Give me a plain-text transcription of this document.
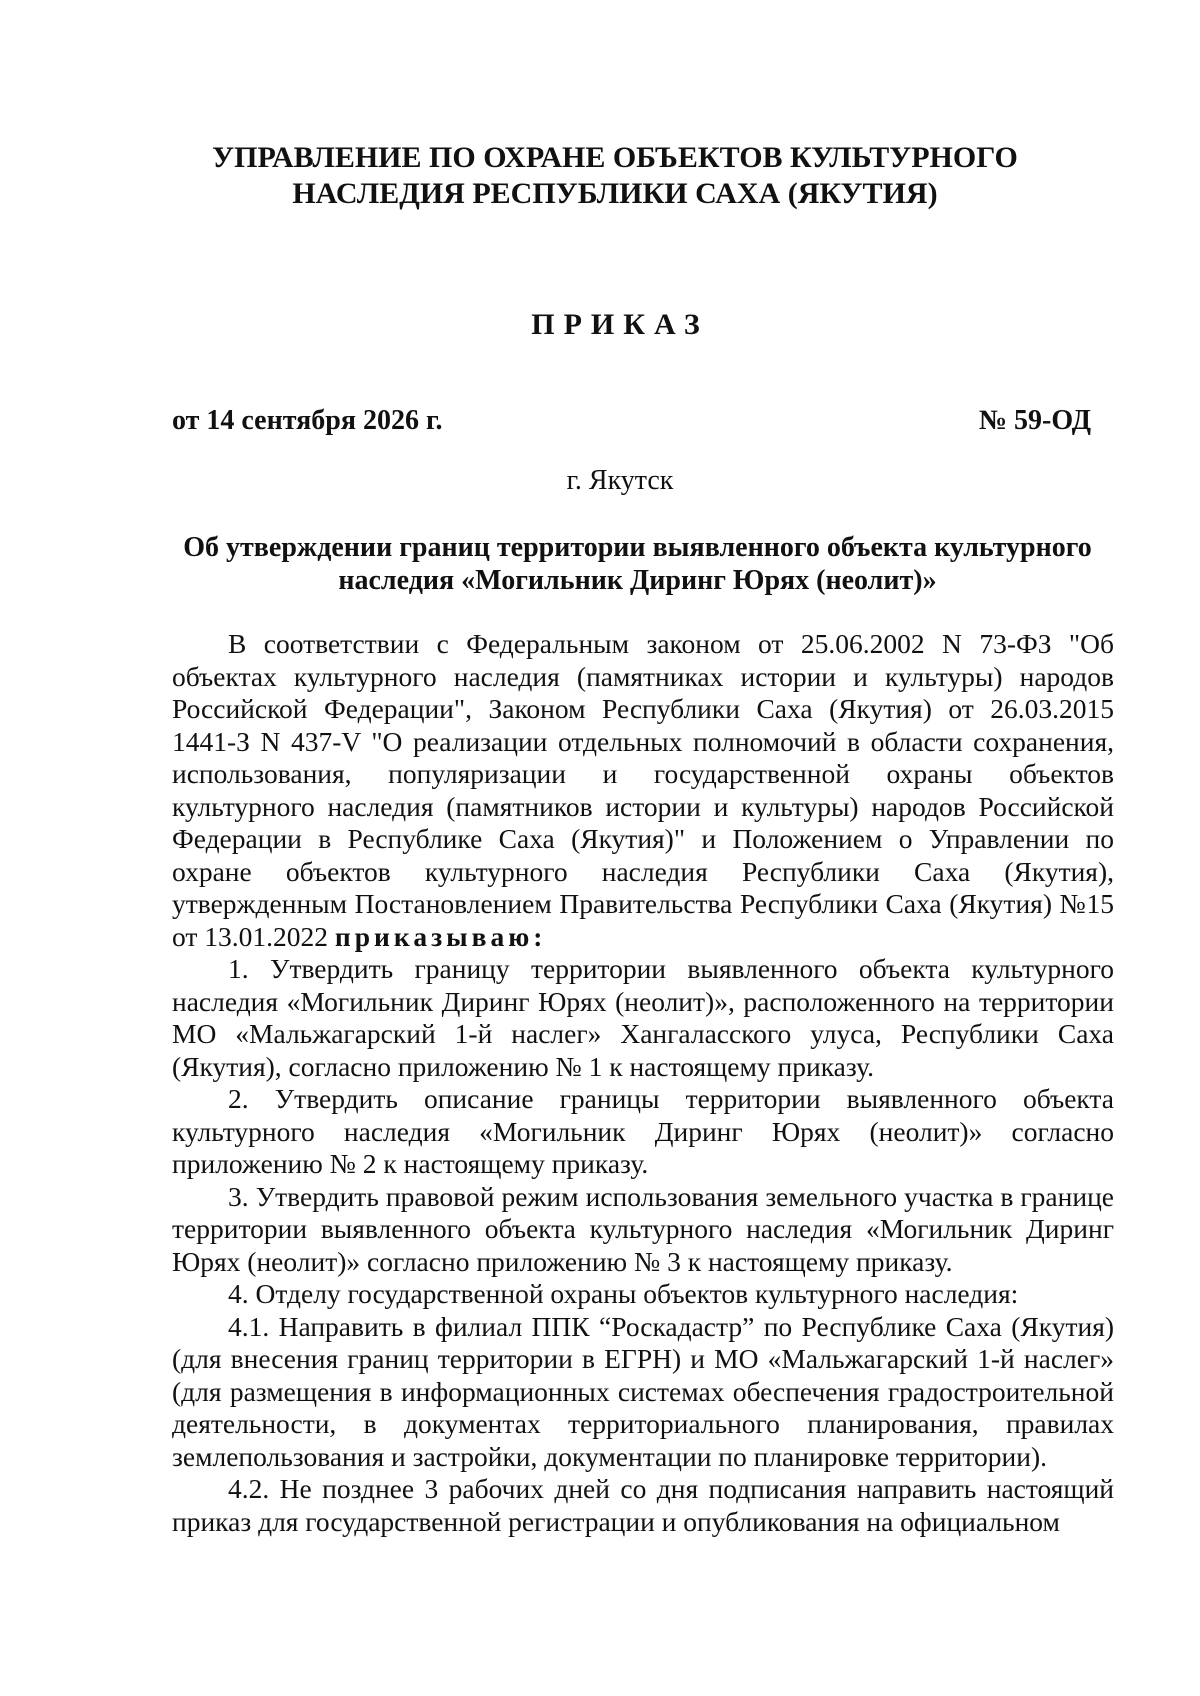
УПРАВЛЕНИЕ ПО ОХРАНЕ ОБЪЕКТОВ КУЛЬТУРНОГО
НАСЛЕДИЯ РЕСПУБЛИКИ САХА (ЯКУТИЯ)
ПРИКАЗ
от 14 сентября 2026 г.	№ 59-ОД
г. Якутск
Об утверждении границ территории выявленного объекта культурного
наследия «Могильник Диринг Юрях (неолит)»

В соответствии с Федеральным законом от 25.06.2002 N 73-ФЗ "Об объектах культурного наследия (памятниках истории и культуры) народов Российской Федерации", Законом Республики Саха (Якутия) от 26.03.2015 1441-З N 437-V "О реализации отдельных полномочий в области сохранения, использования, популяризации и государственной охраны объектов культурного наследия (памятников истории и культуры) народов Российской Федерации в Республике Саха (Якутия)" и Положением о Управлении по охране объектов культурного наследия Республики Саха (Якутия), утвержденным Постановлением Правительства Республики Саха (Якутия) №15 от 13.01.2022 приказываю:

1. Утвердить границу территории выявленного объекта культурного наследия «Могильник Диринг Юрях (неолит)», расположенного на территории МО «Мальжагарский 1-й наслег» Хангаласского улуса, Республики Саха (Якутия), согласно приложению № 1 к настоящему приказу.

2. Утвердить описание границы территории выявленного объекта культурного наследия «Могильник Диринг Юрях (неолит)» согласно приложению № 2 к настоящему приказу.

3. Утвердить правовой режим использования земельного участка в границе территории выявленного объекта культурного наследия «Могильник Диринг Юрях (неолит)» согласно приложению № 3 к настоящему приказу.

4. Отделу государственной охраны объектов культурного наследия:

4.1. Направить в филиал ППК “Роскадастр” по Республике Саха (Якутия) (для внесения границ территории в ЕГРН) и МО «Мальжагарский 1-й наслег» (для размещения в информационных системах обеспечения градостроительной деятельности, в документах территориального планирования, правилах землепользования и застройки, документации по планировке территории).

4.2. Не позднее 3 рабочих дней со дня подписания направить настоящий приказ для государственной регистрации и опубликования на официальном
